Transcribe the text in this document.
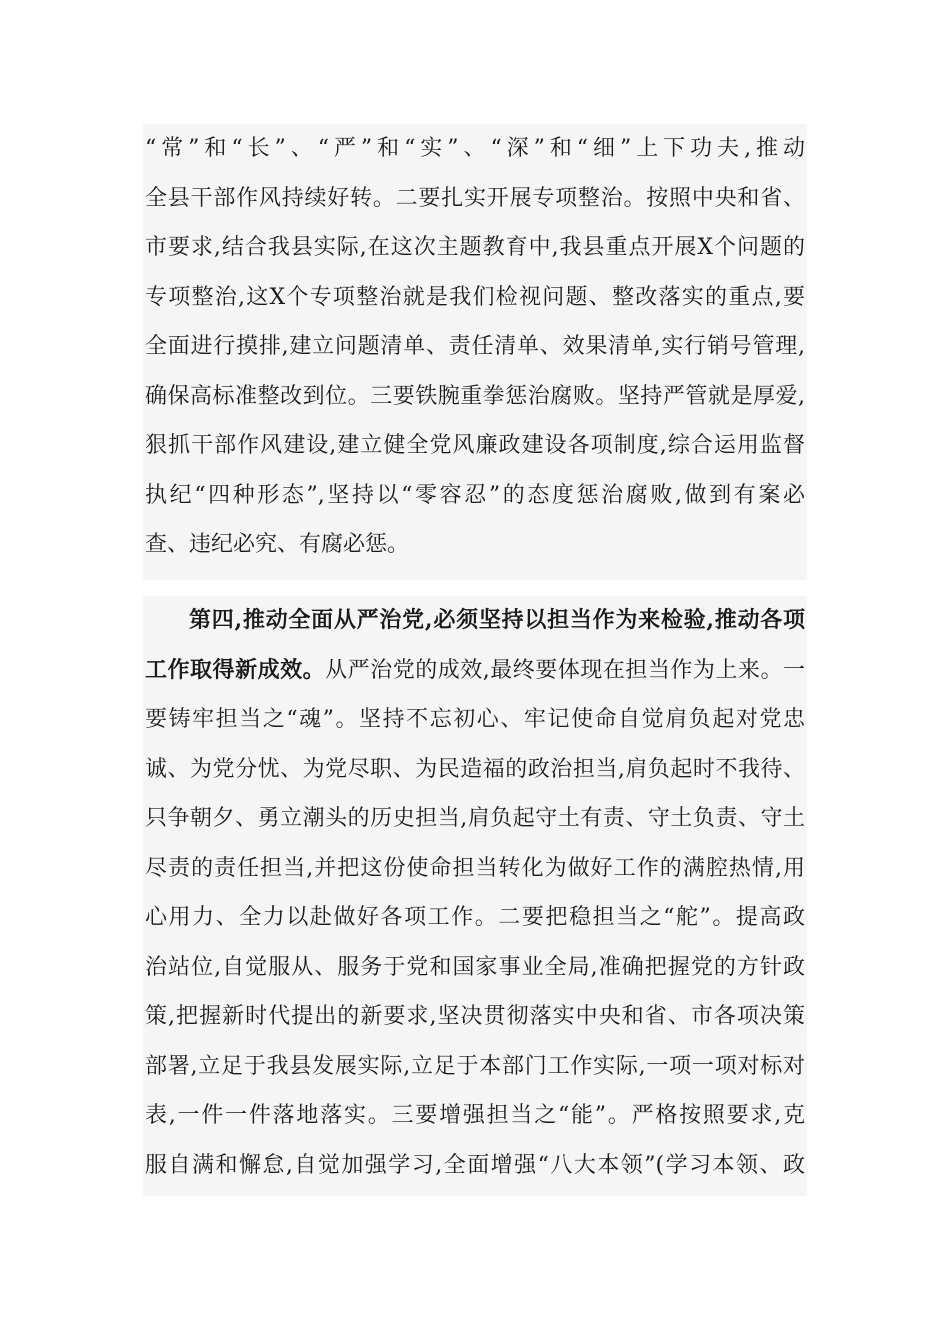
“常”和“长”、“严”和“实”、“深”和“细”上下功夫,推动
全县干部作风持续好转。二要扎实开展专项整治。按照中央和省、
市要求,结合我县实际,在这次主题教育中,我县重点开展X个问题的
专项整治,这X个专项整治就是我们检视问题、整改落实的重点,要
全面进行摸排,建立问题清单、责任清单、效果清单,实行销号管理,
确保高标准整改到位。三要铁腕重拳惩治腐败。坚持严管就是厚爱,
狠抓干部作风建设,建立健全党风廉政建设各项制度,综合运用监督
执纪“四种形态”,坚持以“零容忍”的态度惩治腐败,做到有案必
查、违纪必究、有腐必惩。
第四,推动全面从严治党,必须坚持以担当作为来检验,推动各项
工作取得新成效。从严治党的成效,最终要体现在担当作为上来。一
要铸牢担当之“魂”。坚持不忘初心、牢记使命自觉肩负起对党忠
诚、为党分忧、为党尽职、为民造福的政治担当,肩负起时不我待、
只争朝夕、勇立潮头的历史担当,肩负起守土有责、守土负责、守土
尽责的责任担当,并把这份使命担当转化为做好工作的满腔热情,用
心用力、全力以赴做好各项工作。二要把稳担当之“舵”。提高政
治站位,自觉服从、服务于党和国家事业全局,准确把握党的方针政
策,把握新时代提出的新要求,坚决贯彻落实中央和省、市各项决策
部署,立足于我县发展实际,立足于本部门工作实际,一项一项对标对
表,一件一件落地落实。三要增强担当之“能”。严格按照要求,克
服自满和懈怠,自觉加强学习,全面增强“八大本领”(学习本领、政
